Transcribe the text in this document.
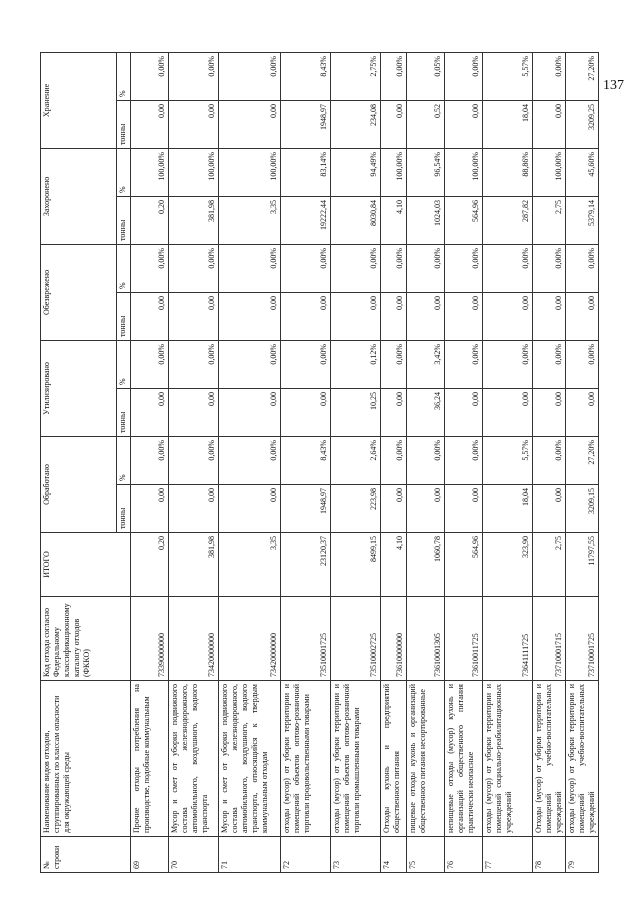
137
№ строки	Наименование видов отходов, сгруппированных по классам опасности для окружающей среды	Код отхода согласно Федеральному классификационному каталогу отходов (ФККО)	ИТОГО	Обработано		Утилизировано		Обезврежено		Захоронено		Хранение	
				тонны	%	тонны	%	тонны	%	тонны	%	тонны	%
69	Прочие отходы потребления на производстве, подобные коммунальным	73390000000	0,20	0,00	0,00%	0,00	0,00%	0,00	0,00%	0,20	100,00%	0,00	0,00%
70	Мусор и смет от уборки подвижного состава железнодорожного, автомобильного, воздушного, водного транспорта	73420000000	381,98	0,00	0,00%	0,00	0,00%	0,00	0,00%	381,98	100,00%	0,00	0,00%
71	Мусор и смет от уборки подвижного состава железнодорожного, автомобильного, воздушного, водного транспорта, относящийся к твердым коммунальным отходам	73420000000	3,35	0,00	0,00%	0,00	0,00%	0,00	0,00%	3,35	100,00%	0,00	0,00%
72	отходы (мусор) от уборки территории и помещений объектов оптово-розничной торговли продовольственными товарами	73510001725	23120,37	1948,97	8,43%	0,00	0,00%	0,00	0,00%	19222,44	83,14%	1948,97	8,43%
73	отходы (мусор) от уборки территории и помещений объектов оптово-розничной торговли промышленными товарами	73510002725	8499,15	223,98	2,64%	10,25	0,12%	0,00	0,00%	8030,84	94,49%	234,08	2,75%
74	Отходы кухонь и предприятий общественного питания	73610000000	4,10	0,00	0,00%	0,00	0,00%	0,00	0,00%	4,10	100,00%	0,00	0,00%
75	пищевые отходы кухонь и организаций общественного питания несортированные	73610001305	1060,78	0,00	0,00%	36,24	3,42%	0,00	0,00%	1024,03	96,54%	0,52	0,05%
76	непищевые отходы (мусор) кухонь и организаций общественного питания практически неопасные	73610011725	564,96	0,00	0,00%	0,00	0,00%	0,00	0,00%	564,96	100,00%	0,00	0,00%
77	отходы (мусор) от уборки территории и помещений социально-реабилитационных учреждений	73641111725	323,90	18,04	5,57%	0,00	0,00%	0,00	0,00%	287,82	88,86%	18,04	5,57%
78	Отходы (мусор) от уборки территории и помещений учебно-воспитательных учреждений	73710001715	2,75	0,00	0,00%	0,00	0,00%	0,00	0,00%	2,75	100,00%	0,00	0,00%
79	отходы (мусор) от уборки территории и помещений учебно-воспитательных учреждений	73710001725	11797,55	3209,15	27,20%	0,00	0,00%	0,00	0,00%	5379,14	45,60%	3209,25	27,20%
